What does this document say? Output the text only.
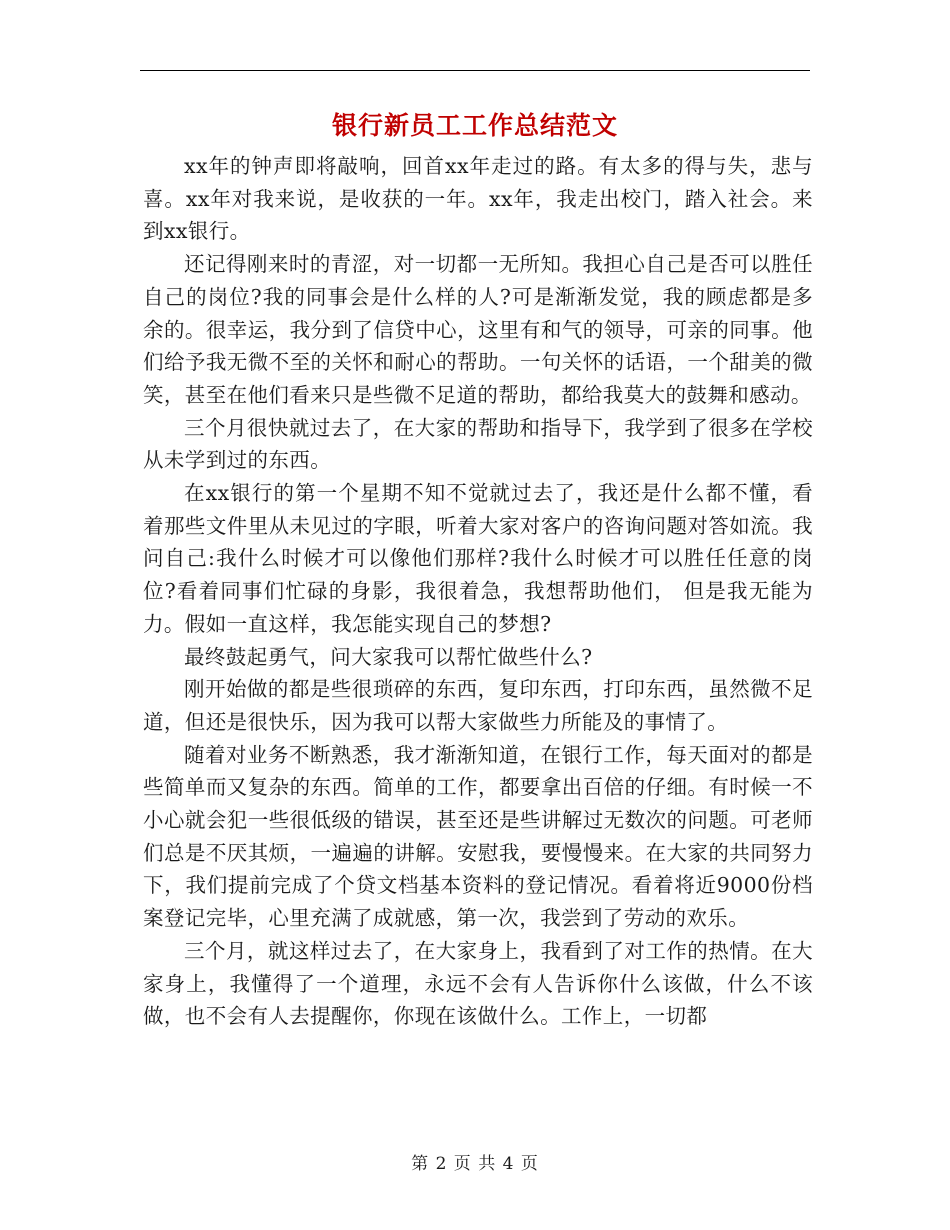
银行新员工工作总结范文

xx年的钟声即将敲响，回首xx年走过的路。有太多的得与失，悲与喜。xx年对我来说，是收获的一年。xx年，我走出校门，踏入社会。来到xx银行。

还记得刚来时的青涩，对一切都一无所知。我担心自己是否可以胜任自己的岗位?我的同事会是什么样的人?可是渐渐发觉，我的顾虑都是多余的。很幸运，我分到了信贷中心，这里有和气的领导，可亲的同事。他们给予我无微不至的关怀和耐心的帮助。一句关怀的话语，一个甜美的微笑，甚至在他们看来只是些微不足道的帮助，都给我莫大的鼓舞和感动。

三个月很快就过去了，在大家的帮助和指导下，我学到了很多在学校从未学到过的东西。

在xx银行的第一个星期不知不觉就过去了，我还是什么都不懂，看着那些文件里从未见过的字眼，听着大家对客户的咨询问题对答如流。我问自己:我什么时候才可以像他们那样?我什么时候才可以胜任任意的岗位?看着同事们忙碌的身影，我很着急，我想帮助他们， 但是我无能为力。假如一直这样，我怎能实现自己的梦想?

最终鼓起勇气，问大家我可以帮忙做些什么?

刚开始做的都是些很琐碎的东西，复印东西，打印东西，虽然微不足道，但还是很快乐，因为我可以帮大家做些力所能及的事情了。

随着对业务不断熟悉，我才渐渐知道，在银行工作，每天面对的都是些简单而又复杂的东西。简单的工作，都要拿出百倍的仔细。有时候一不小心就会犯一些很低级的错误，甚至还是些讲解过无数次的问题。可老师们总是不厌其烦，一遍遍的讲解。安慰我，要慢慢来。在大家的共同努力下，我们提前完成了个贷文档基本资料的登记情况。看着将近9000份档案登记完毕，心里充满了成就感，第一次，我尝到了劳动的欢乐。

三个月，就这样过去了，在大家身上，我看到了对工作的热情。在大家身上，我懂得了一个道理，永远不会有人告诉你什么该做，什么不该做，也不会有人去提醒你，你现在该做什么。工作上，一切都

第 2 页 共 4 页
